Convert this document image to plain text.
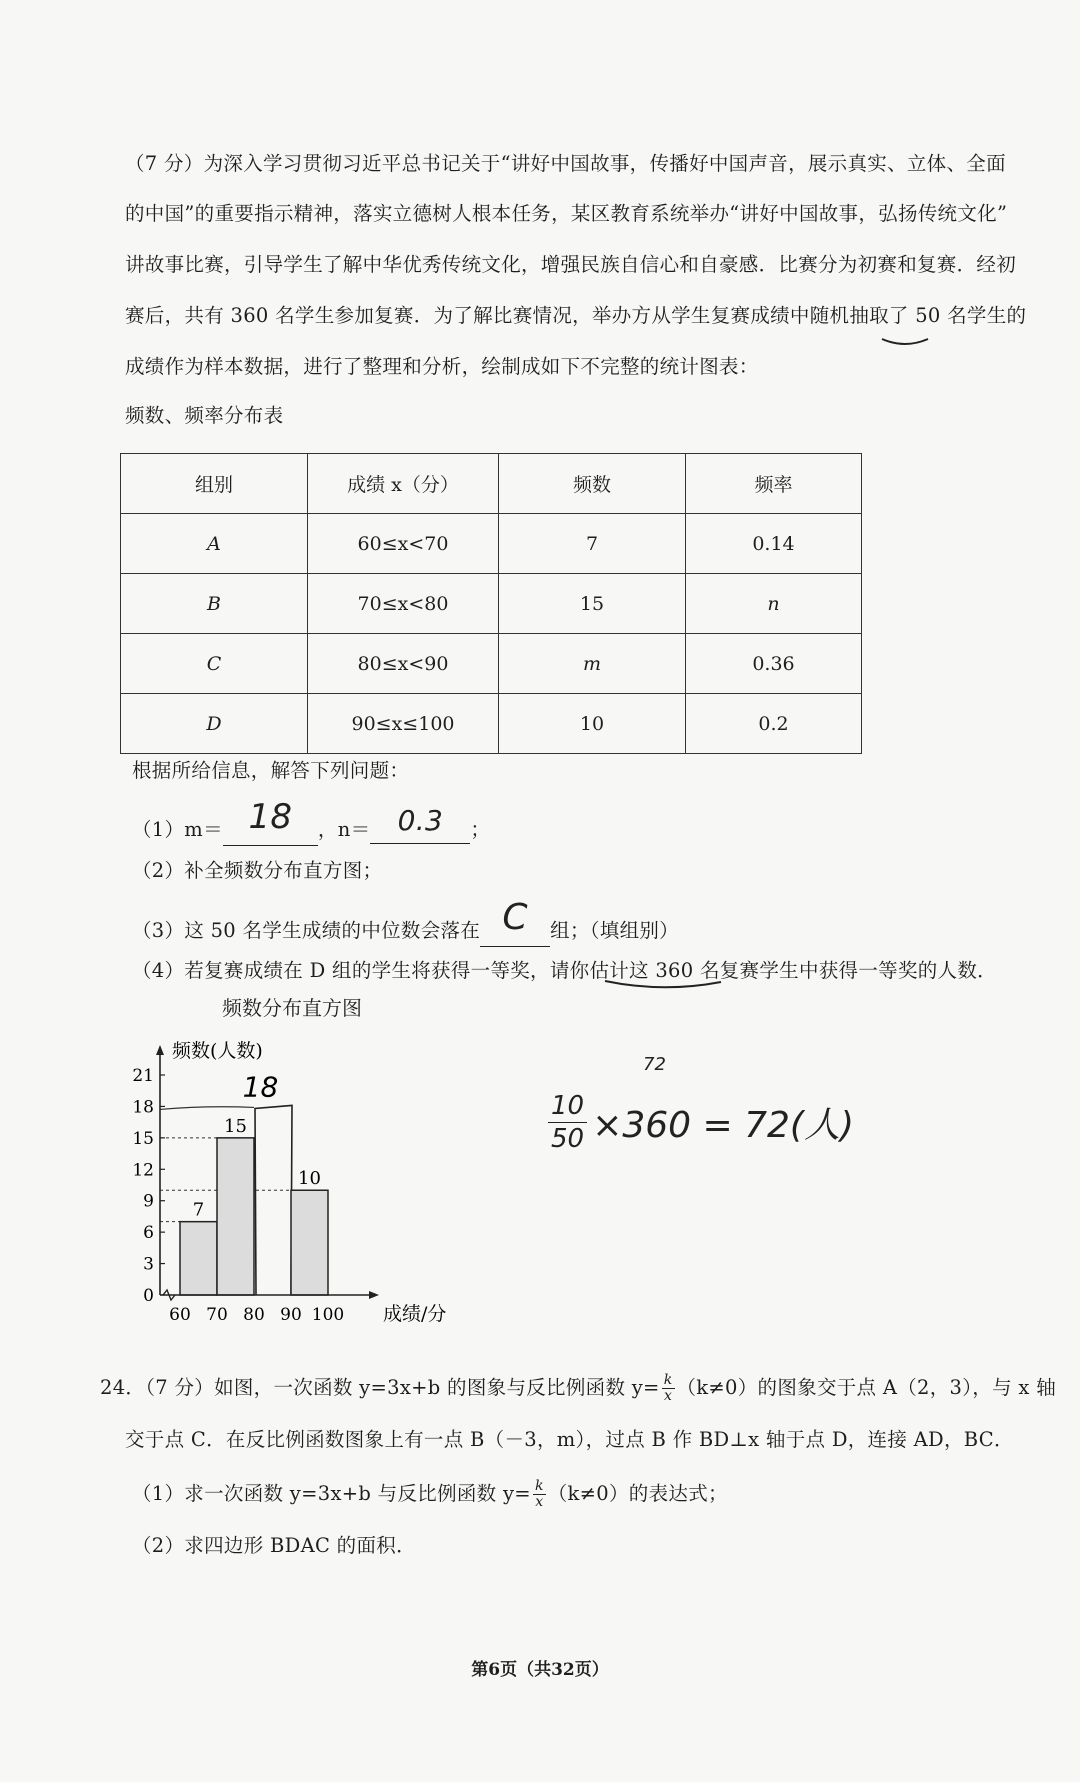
（7 分）为深入学习贯彻习近平总书记关于“讲好中国故事，传播好中国声音，展示真实、立体、全面
的中国”的重要指示精神，落实立德树人根本任务，某区教育系统举办“讲好中国故事，弘扬传统文化”
讲故事比赛，引导学生了解中华优秀传统文化，增强民族自信心和自豪感．比赛分为初赛和复赛．经初
赛后，共有 360 名学生参加复赛．为了解比赛情况，举办方从学生复赛成绩中随机抽取了 50 名学生的
成绩作为样本数据，进行了整理和分析，绘制成如下不完整的统计图表：
频数、频率分布表
组别	成绩 x（分）	频数	频率
A	60≤x<70	7	0.14
B	70≤x<80	15	n
C	80≤x<90	m	0.36
D	90≤x≤100	10	0.2
根据所给信息，解答下列问题：
（1）m＝ 18 ，n＝ 0.3 ；
（2）补全频数分布直方图；
（3）这 50 名学生成绩的中位数会落在 C 组；（填组别）
（4）若复赛成绩在 D 组的学生将获得一等奖，请你估计这 360 名复赛学生中获得一等奖的人数．
频数分布直方图
0
3
6
9
12
15
18
21
60 70 80 90 100
7
15
18
10
频数(人数)
成绩/分
72
$\frac{10}{50} \times 360 = 72$(人)
24．（7 分）如图，一次函数 y=3x+b 的图象与反比例函数 $y= \frac{k}{x} (k\ne 0)$的图象交于点 A（2，3），与 x 轴
交于点 C．在反比例函数图象上有一点 B（－3，m），过点 B 作 BD⊥x 轴于点 D，连接 AD，BC．
（1）求一次函数 y=3x+b 与反比例函数 $y= \frac{k}{x} (k\ne 0)$的表达式；
（2）求四边形 BDAC 的面积．
第6页（共32页）
